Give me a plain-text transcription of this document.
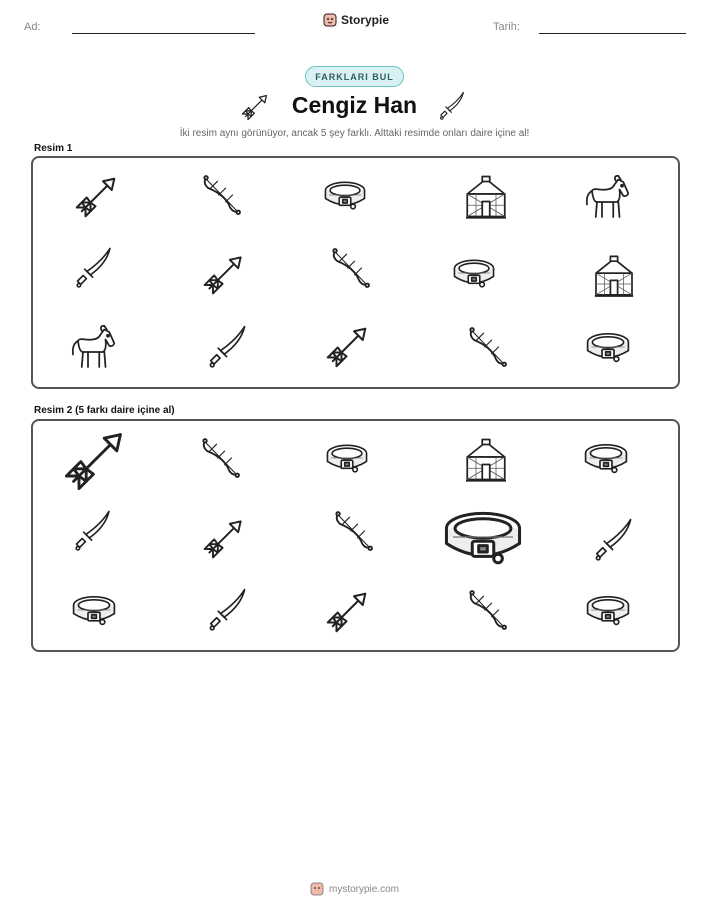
Ad:	Storypie	Tarih:
FARKLARI BUL
Cengiz Han
İki resim aynı görünüyor, ancak 5 şey farklı. Alttaki resimde onları daire içine al!
Resim 1
Resim 2 (5 farkı daire içine al)
mystorypie.com
